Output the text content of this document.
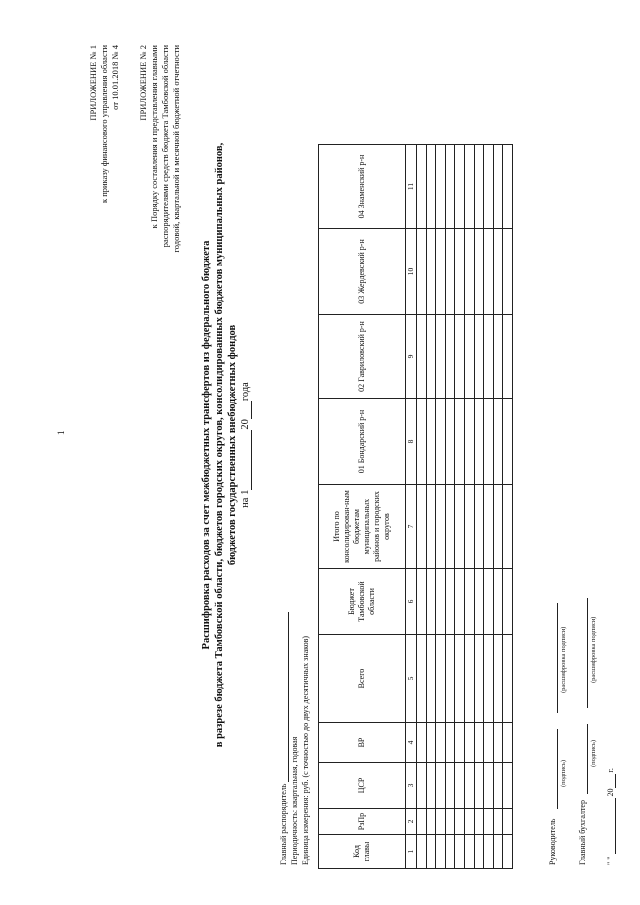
1
ПРИЛОЖЕНИЕ № 1 к приказу финансового управления области от 10.01.2018 № 4 ПРИЛОЖЕНИЕ № 2 к Порядку составления и представления главными распорядителями средств бюджета Тамбовской области годовой, квартальной и месячной бюджетной отчетности
Расшифровка расходов за счет межбюджетных трансфертов из федерального бюджета в разрезе бюджета Тамбовской области, бюджетов городских округов, консолидированных бюджетов муниципальных районов, бюджетов государственных внебюджетных фондов на 120года
Главный распорядитель Периодичность: квартальная, годовая Единица измерения: руб. (с точностью до двух десятичных знаков)	Код главы	РзПр	ЦСР	ВР	Всего	Бюджет Тамбовской области	Итого по консолидирован-ным бюджетам муниципальных районов и городских округов	01 Бондарский р-н	02 Гавриловский р-н	03 Жердевский р-н	04 Знаменский р-н
1	2	3	4	5	6	7	8	9	10	11

Руководитель
(подпись)
(расшифровка подписи)
Главный бухгалтер
(подпись)
(расшифровка подписи)
" "  20 г.
